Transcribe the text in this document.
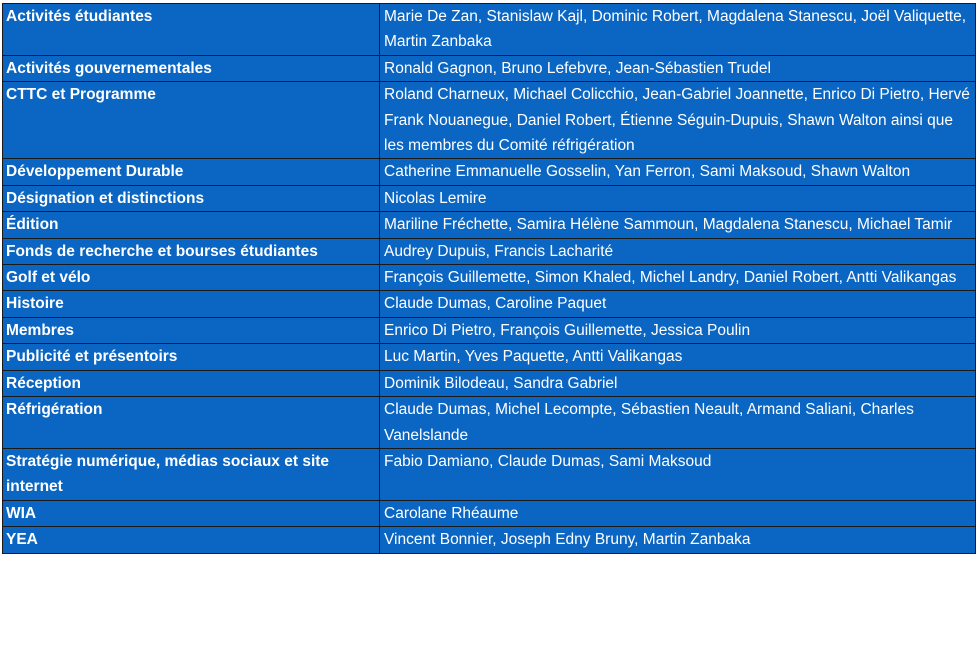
Activités étudiantes	Marie De Zan, Stanislaw Kajl, Dominic Robert, Magdalena Stanescu, Joël Valiquette, Martin Zanbaka
Activités gouvernementales	Ronald Gagnon, Bruno Lefebvre, Jean-Sébastien Trudel
CTTC et Programme	Roland Charneux, Michael Colicchio, Jean-Gabriel Joannette, Enrico Di Pietro, Hervé Frank Nouanegue, Daniel Robert, Étienne Séguin-Dupuis, Shawn Walton ainsi que les membres du Comité réfrigération
Développement Durable	Catherine Emmanuelle Gosselin, Yan Ferron, Sami Maksoud, Shawn Walton
Désignation et distinctions	Nicolas Lemire
Édition	Mariline Fréchette, Samira Hélène Sammoun, Magdalena Stanescu, Michael Tamir
Fonds de recherche et bourses étudiantes	Audrey Dupuis, Francis Lacharité
Golf et vélo	François Guillemette, Simon Khaled, Michel Landry, Daniel Robert, Antti Valikangas
Histoire	Claude Dumas, Caroline Paquet
Membres	Enrico Di Pietro, François Guillemette, Jessica Poulin
Publicité et présentoirs	Luc Martin, Yves Paquette, Antti Valikangas
Réception	Dominik Bilodeau, Sandra Gabriel
Réfrigération	Claude Dumas, Michel Lecompte, Sébastien Neault, Armand Saliani, Charles Vanelslande
Stratégie numérique, médias sociaux et site internet	Fabio Damiano, Claude Dumas, Sami Maksoud
WIA	Carolane Rhéaume
YEA	Vincent Bonnier, Joseph Edny Bruny, Martin Zanbaka
